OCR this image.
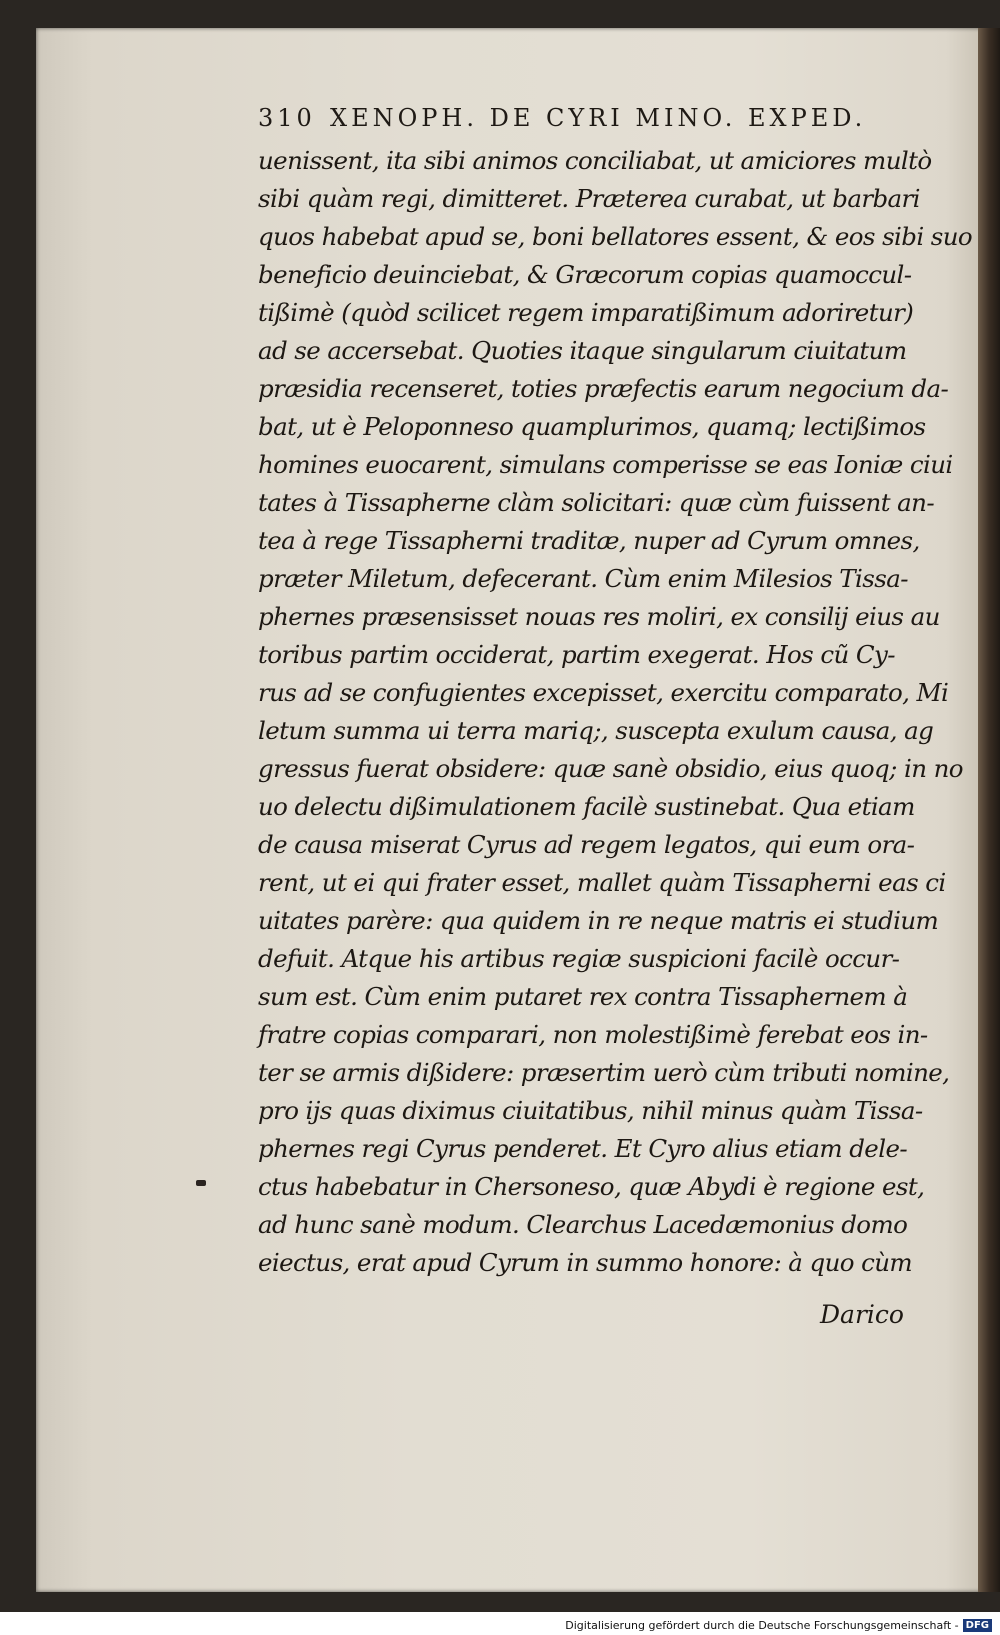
310 XENOPH. DE CYRI MINO. EXPED.
uenissent, ita sibi animos conciliabat, ut amiciores multò
sibi quàm regi, dimitteret. Præterea curabat, ut barbari
quos habebat apud se, boni bellatores essent, & eos sibi suo
beneficio deuinciebat, & Græcorum copias quamoccul-
tißimè (quòd scilicet regem imparatißimum adoriretur)
ad se accersebat. Quoties itaque singularum ciuitatum
præsidia recenseret, toties præfectis earum negocium da-
bat, ut è Peloponneso quamplurimos, quamq; lectißimos
homines euocarent, simulans comperisse se eas Ioniæ ciui
tates à Tissapherne clàm solicitari: quæ cùm fuissent an-
tea à rege Tissapherni traditæ, nuper ad Cyrum omnes,
præter Miletum, defecerant. Cùm enim Milesios Tissa-
phernes præsensisset nouas res moliri, ex consilij eius au
toribus partim occiderat, partim exegerat. Hos cũ Cy-
rus ad se confugientes excepisset, exercitu comparato, Mi
letum summa ui terra mariq;, suscepta exulum causa, ag
gressus fuerat obsidere: quæ sanè obsidio, eius quoq; in no
uo delectu dißimulationem facilè sustinebat. Qua etiam
de causa miserat Cyrus ad regem legatos, qui eum ora-
rent, ut ei qui frater esset, mallet quàm Tissapherni eas ci
uitates parère: qua quidem in re neque matris ei studium
defuit. Atque his artibus regiæ suspicioni facilè occur-
sum est. Cùm enim putaret rex contra Tissaphernem à
fratre copias comparari, non molestißimè ferebat eos in-
ter se armis dißidere: præsertim uerò cùm tributi nomine,
pro ijs quas diximus ciuitatibus, nihil minus quàm Tissa-
phernes regi Cyrus penderet. Et Cyro alius etiam dele-
ctus habebatur in Chersoneso, quæ Abydi è regione est,
ad hunc sanè modum. Clearchus Lacedæmonius domo
eiectus, erat apud Cyrum in summo honore: à quo cùm
Darico
Digitalisierung gefördert durch die Deutsche Forschungsgemeinschaft - DFG
